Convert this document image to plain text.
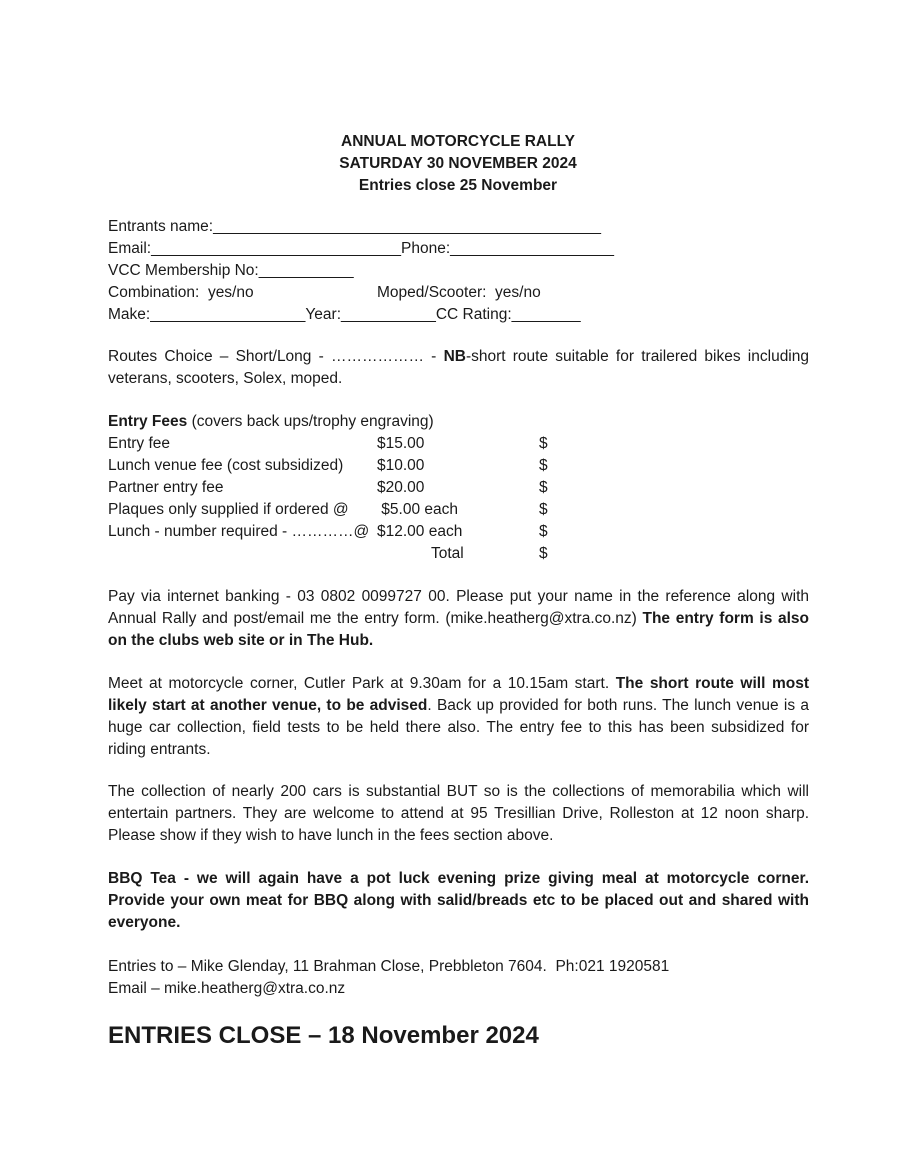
ANNUAL MOTORCYCLE RALLY
SATURDAY 30 NOVEMBER 2024
Entries close 25 November
Entrants name:_____________________________________________
Email:_____________________________Phone:___________________
VCC Membership No:___________
Combination:  yes/no	Moped/Scooter:  yes/no
Make:__________________Year:___________CC Rating:________
Routes Choice – Short/Long - ……………… - NB-short route suitable for trailered bikes including veterans, scooters, Solex, moped.
Entry Fees (covers back ups/trophy engraving)
Entry fee	$15.00	$
Lunch venue fee (cost subsidized) $10.00	$
Partner entry fee	$20.00	$
Plaques only supplied if ordered @ $5.00 each	$
Lunch - number required - …………@ $12.00 each	$
Total	$
Pay via internet banking - 03 0802 0099727 00. Please put your name in the reference along with Annual Rally and post/email me the entry form. (mike.heatherg@xtra.co.nz) The entry form is also on the clubs web site or in The Hub.
Meet at motorcycle corner, Cutler Park at 9.30am for a 10.15am start. The short route will most likely start at another venue, to be advised. Back up provided for both runs. The lunch venue is a huge car collection, field tests to be held there also. The entry fee to this has been subsidized for riding entrants.
The collection of nearly 200 cars is substantial BUT so is the collections of memorabilia which will entertain partners. They are welcome to attend at 95 Tresillian Drive, Rolleston at 12 noon sharp. Please show if they wish to have lunch in the fees section above.
BBQ Tea - we will again have a pot luck evening prize giving meal at motorcycle corner. Provide your own meat for BBQ along with salid/breads etc to be placed out and shared with everyone.
Entries to – Mike Glenday, 11 Brahman Close, Prebbleton 7604.  Ph:021 1920581
Email – mike.heatherg@xtra.co.nz
ENTRIES CLOSE – 18 November 2024
